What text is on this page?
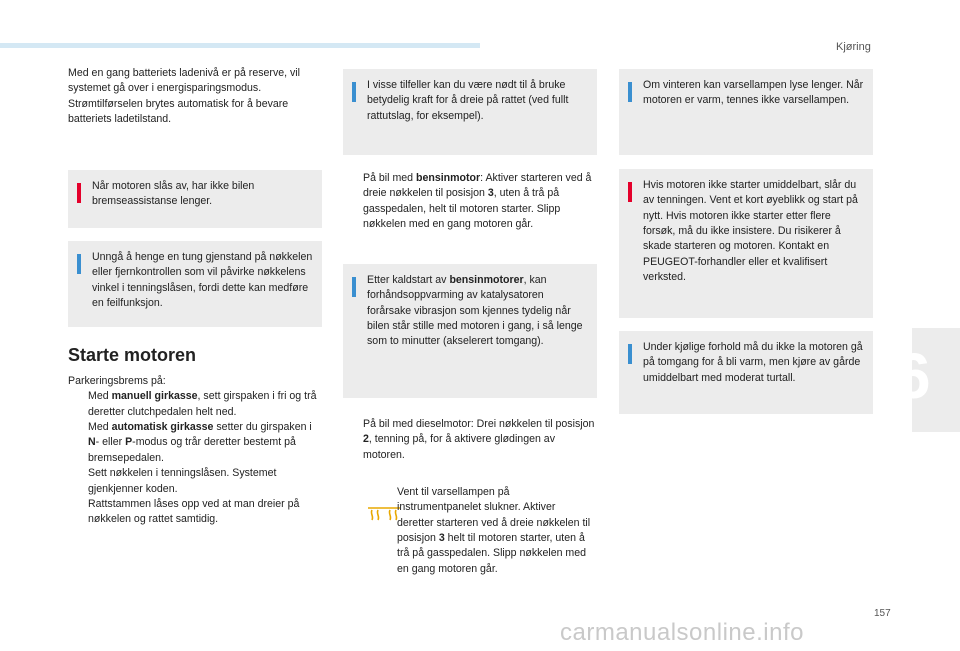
Kjøring
6

Med en gang batteriets ladenivå er på reserve, vil systemet gå over i energisparingsmodus. Strømtilførselen brytes automatisk for å bevare batteriets ladetilstand.

Når motoren slås av, har ikke bilen bremseassistanse lenger.

Unngå å henge en tung gjenstand på nøkkelen eller fjernkontrollen som vil påvirke nøkkelens vinkel i tenningslåsen, fordi dette kan medføre en feilfunksjon.

Starte motoren
Parkeringsbrems på:
Med manuell girkasse, sett girspaken i fri og trå deretter clutchpedalen helt ned.
Med automatisk girkasse setter du girspaken i N- eller P-modus og trår deretter bestemt på bremsepedalen.
Sett nøkkelen i tenningslåsen. Systemet gjenkjenner koden.
Rattstammen låses opp ved at man dreier på nøkkelen og rattet samtidig.

I visse tilfeller kan du være nødt til å bruke betydelig kraft for å dreie på rattet (ved fullt rattutslag, for eksempel).

På bil med bensinmotor: Aktiver starteren ved å dreie nøkkelen til posisjon 3, uten å trå på gasspedalen, helt til motoren starter. Slipp nøkkelen med en gang motoren går.

Etter kaldstart av bensinmotorer, kan forhåndsoppvarming av katalysatoren forårsake vibrasjon som kjennes tydelig når bilen står stille med motoren i gang, i så lenge som to minutter (akselerert tomgang).

På bil med dieselmotor: Drei nøkkelen til posisjon 2, tenning på, for å aktivere glødingen av motoren.

Vent til varsellampen på instrumentpanelet slukner. Aktiver deretter starteren ved å dreie nøkkelen til posisjon 3 helt til motoren starter, uten å trå på gasspedalen. Slipp nøkkelen med en gang motoren går.

Om vinteren kan varsellampen lyse lenger. Når motoren er varm, tennes ikke varsellampen.

Hvis motoren ikke starter umiddelbart, slår du av tenningen. Vent et kort øyeblikk og start på nytt. Hvis motoren ikke starter etter flere forsøk, må du ikke insistere. Du risikerer å skade starteren og motoren. Kontakt en PEUGEOT-forhandler eller et kvalifisert verksted.

Under kjølige forhold må du ikke la motoren gå på tomgang for å bli varm, men kjøre av gårde umiddelbart med moderat turtall.

157
carmanualsonline.info
